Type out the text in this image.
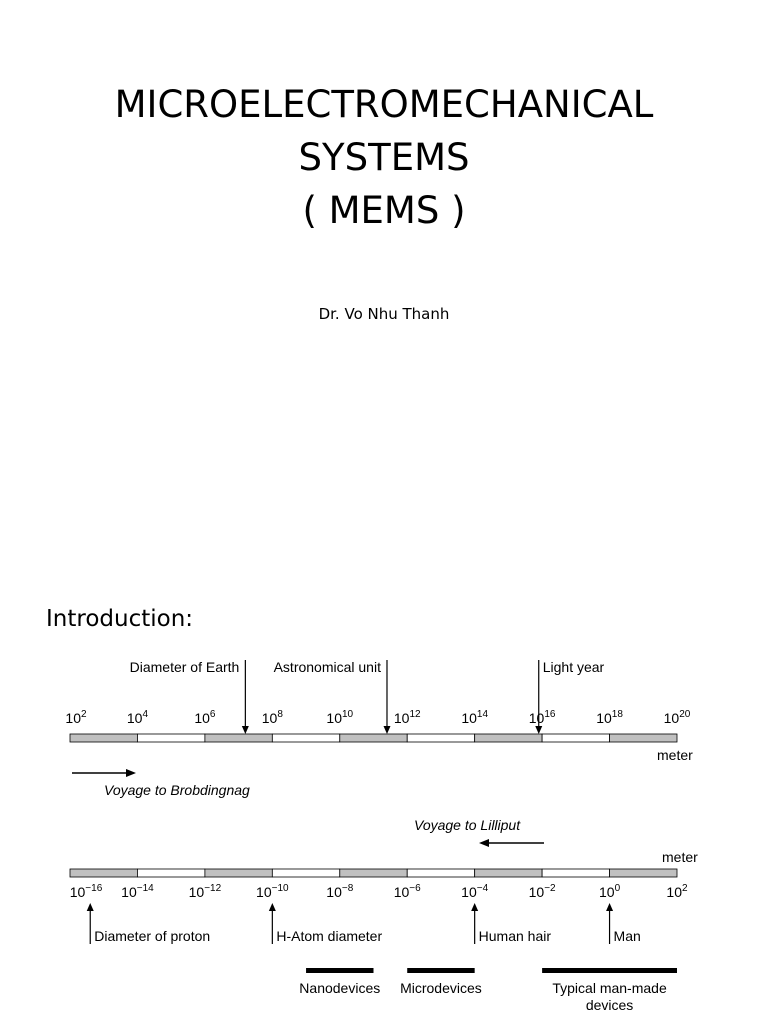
MICROELECTROMECHANICAL
SYSTEMS
( MEMS )
Dr. Vo Nhu Thanh
Introduction:
$10^2$	$10^4$	$10^6$	$10^8$	$10^{10}$	$10^{12}$	$10^{14}$	$10^{16}$	$10^{18}$	$10^{20}$
meter
Diameter of Earth Astronomical unit	Light year
Voyage to Brobdingnag
meter
$10^{-16}$ $10^{-14}$ $10^{-12}$ $10^{-10}$	$10^{-8}$	$10^{-6}$	$10^{-4}$	$10^{-2}$	$10^0$	$10^2$
Voyage to Lilliput
Diameter of proton	H-Atom diameter	Human hair	Man
Nanodevices Microdevices	Typical man-made devices
